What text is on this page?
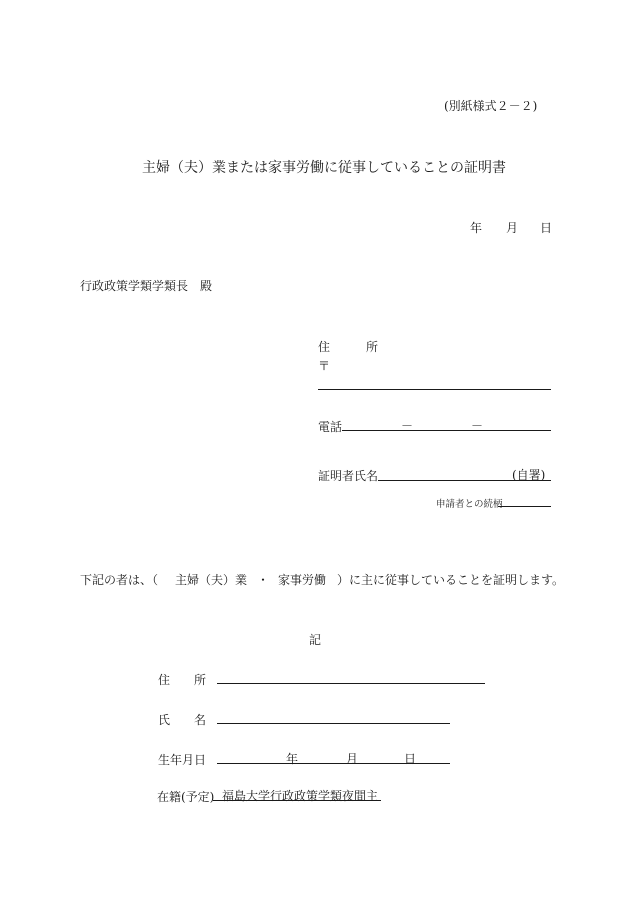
(別紙様式２－２)
主婦（夫）業または家事労働に従事していることの証明書
年 月 日
行政政策学類学類長　殿
住	所
〒
電話	－	－
証明者氏名	(自署)
申請者との続柄
下記の者は、（ 主婦（夫）業 ・ 家事労働 ）に主に従事していることを証明します。
記
住 所
氏 名
生年月日	年	月	日
在籍(予定) 福島大学行政政策学類夜間主
